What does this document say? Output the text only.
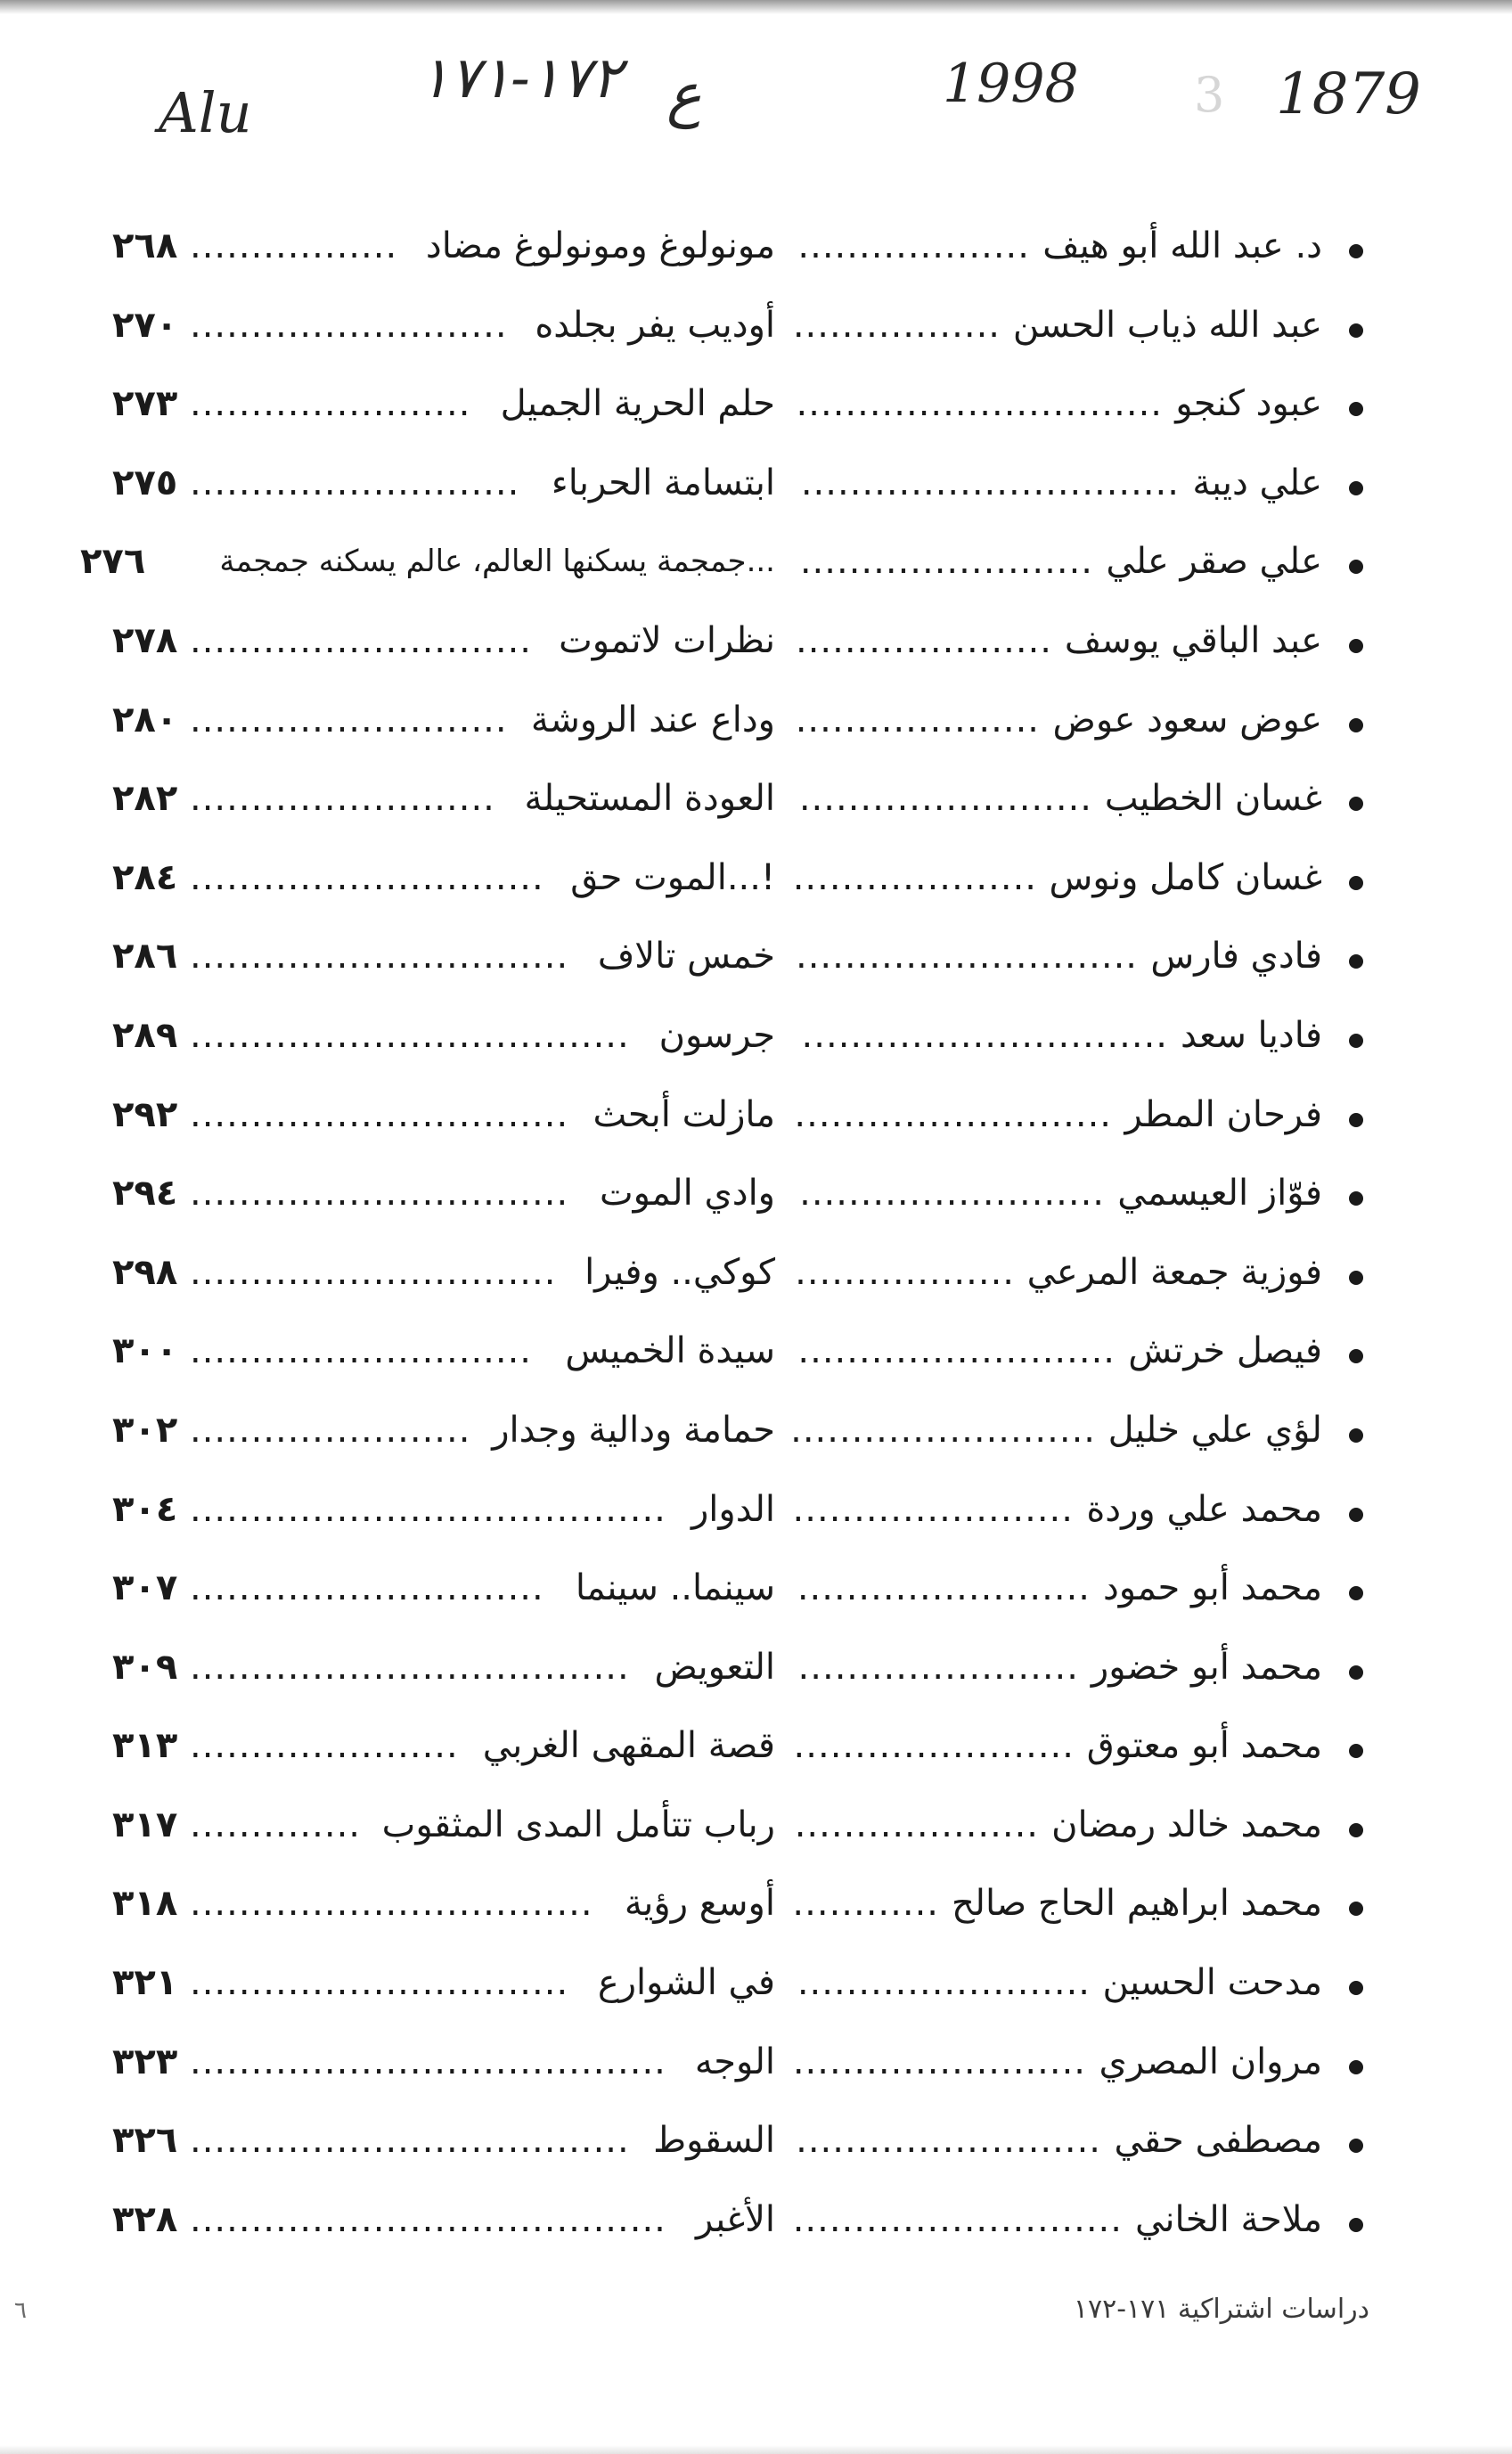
Alu
١٧٢-١٧١ ع	1998 3 1879
د. عبد الله أبو هيف
...................
مونولوغ ومونولوغ مضاد
.................
٢٦٨
عبد الله ذياب الحسن
.................
أوديب يفر بجلده
..........................
٢٧٠
عبود كنجو
..............................
حلم الحرية الجميل
.......................
٢٧٣
علي ديبة
...............................
ابتسامة الحرباء
...........................
٢٧٥
علي صقر علي
........................
جمجمة يسكنها العالم، عالم يسكنه جمجمة...
٢٧٦
عبد الباقي يوسف
.....................
نظرات لاتموت
............................
٢٧٨
عوض سعود عوض
....................
وداع عند الروشة
..........................
٢٨٠
غسان الخطيب
........................
العودة المستحيلة
.........................
٢٨٢
غسان كامل ونوس
....................
الموت حق...!
.............................
٢٨٤
فادي فارس
............................
خمس تالاف
...............................
٢٨٦
فاديا سعد
..............................
جرسون
....................................
٢٨٩
فرحان المطر
..........................
مازلت أبحث
...............................
٢٩٢
فوّاز العيسمي
.........................
وادي الموت
...............................
٢٩٤
فوزية جمعة المرعي
..................
كوكي.. وفيرا
..............................
٢٩٨
فيصل خرتش
..........................
سيدة الخميس
............................
٣٠٠
لؤي علي خليل
.........................
حمامة ودالية وجدار
.......................
٣٠٢
محمد علي وردة
.......................
الدوار
.......................................
٣٠٤
محمد أبو حمود
........................
سينما.. سينما
.............................
٣٠٧
محمد أبو خضور
.......................
التعويض
....................................
٣٠٩
محمد أبو معتوق
.......................
قصة المقهى الغربي
......................
٣١٣
محمد خالد رمضان
....................
رباب تتأمل المدى المثقوب
..............
٣١٧
محمد ابراهيم الحاج صالح
............
أوسع رؤية
.................................
٣١٨
مدحت الحسين
........................
في الشوارع
...............................
٣٢١
مروان المصري
........................
الوجه
.......................................
٣٢٣
مصطفى حقي
.........................
السقوط
....................................
٣٢٦
ملاحة الخاني
...........................
الأغبر
.......................................
٣٢٨
دراسات اشتراكية ١٧١-١٧٢
٦
